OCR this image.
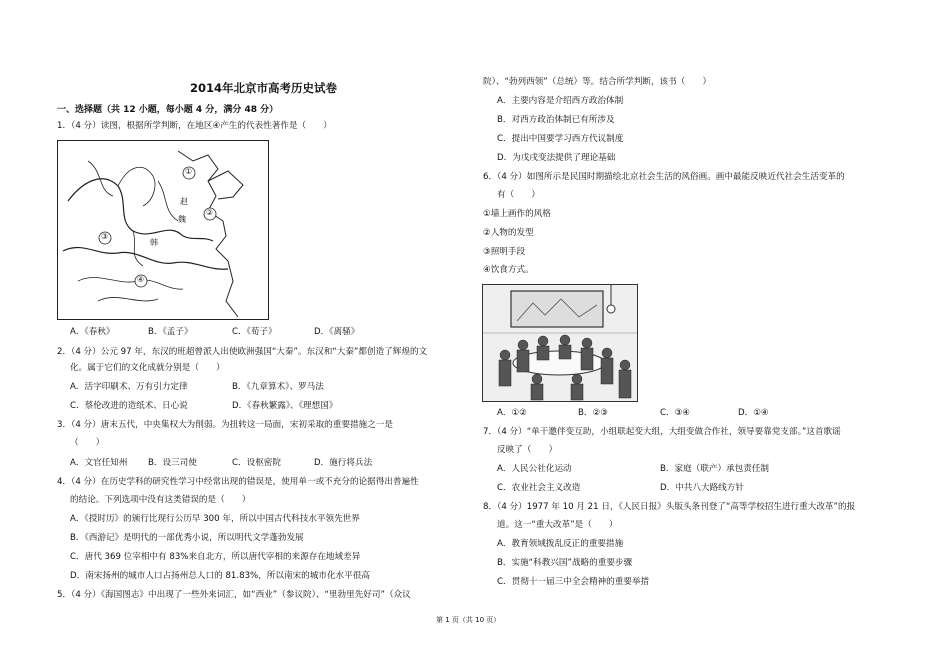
2014年北京市高考历史试卷
一、选择题（共 12 小题，每小题 4 分，满分 48 分）
1．（4 分）读图，根据所学判断，在地区④产生的代表性著作是（　　）
①
②
③
④
赵
魏
韩
A．《春秋》	B．《孟子》	C．《荀子》	D．《离骚》
2．（4 分）公元 97 年，东汉的班超曾派人出使欧洲强国“大秦”。东汉和“大秦”都创造了辉煌的文
化。属于它们的文化成就分别是（　　）
A．活字印刷术、万有引力定律	B．《九章算术》、罗马法
C．蔡伦改进的造纸术、日心说	D．《春秋繁露》、《理想国》
3．（4 分）唐末五代，中央集权大为削弱。为扭转这一局面，宋初采取的重要措施之一是
（　　）
A．文官任知州 B．设三司使	C．设枢密院	D．施行将兵法
4．（4 分）在历史学科的研究性学习中经常出现的错误是，使用单一或不充分的论据得出普遍性
的结论。下列选项中没有这类错误的是（　　）
A．《授时历》的颁行比现行公历早 300 年，所以中国古代科技水平领先世界
B．《西游记》是明代的一部优秀小说，所以明代文学蓬勃发展
C．唐代 369 位宰相中有 83%来自北方，所以唐代宰相的来源存在地域差异
D．南宋扬州的城市人口占扬州总人口的 81.83%，所以南宋的城市化水平很高
5．（4 分）《海国图志》中出现了一些外来词汇，如“西业”（参议院）、“里勃里先好司”（众议
院）、“勃列西领”（总统）等。结合所学判断，该书（　　）
A．主要内容是介绍西方政治体制
B．对西方政治体制已有所涉及
C．提出中国要学习西方代议制度
D．为戊戌变法提供了理论基础
6．（4 分）如图所示是民国时期描绘北京社会生活的风俗画。画中最能反映近代社会生活变革的
有（　　）
①墙上画作的风格
②人物的发型
③照明手段
④饮食方式。
A．①②	B．②③	C．③④	D．①④
7．（4 分）“单干邀伴变互助，小组联起变大组，大组变做合作社，领导要靠党支部。”这首歌谣
反映了（　　）
A．人民公社化运动	B．家庭（联产）承包责任制
C．农业社会主义改造	D．中共八大路线方针
8．（4 分）1977 年 10 月 21 日，《人民日报》头版头条刊登了“高等学校招生进行重大改革”的报
道。这一“重大改革”是（　　）
A．教育领域拨乱反正的重要措施
B．实施“科教兴国”战略的重要步骤
C．贯彻十一届三中全会精神的重要举措
第 1 页（共 10 页）
